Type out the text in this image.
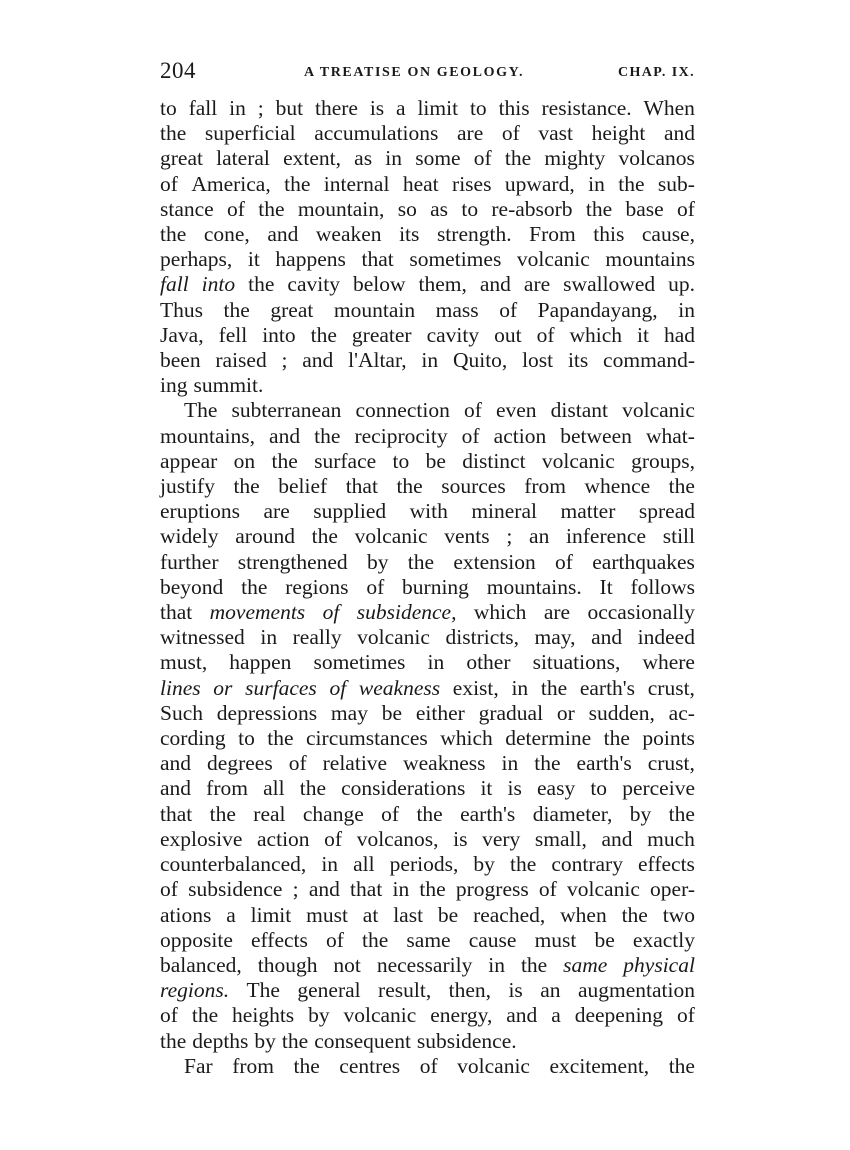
204	A TREATISE ON GEOLOGY.	CHAP. IX.
to fall in ; but there is a limit to this resistance. When
the superficial accumulations are of vast height and
great lateral extent, as in some of the mighty volcanos
of America, the internal heat rises upward, in the sub-
stance of the mountain, so as to re-absorb the base of
the cone, and weaken its strength. From this cause,
perhaps, it happens that sometimes volcanic mountains
fall into the cavity below them, and are swallowed up.
Thus the great mountain mass of Papandayang, in
Java, fell into the greater cavity out of which it had
been raised ; and l'Altar, in Quito, lost its command-
ing summit.
The subterranean connection of even distant volcanic
mountains, and the reciprocity of action between what-
appear on the surface to be distinct volcanic groups,
justify the belief that the sources from whence the
eruptions are supplied with mineral matter spread
widely around the volcanic vents ; an inference still
further strengthened by the extension of earthquakes
beyond the regions of burning mountains. It follows
that movements of subsidence, which are occasionally
witnessed in really volcanic districts, may, and indeed
must, happen sometimes in other situations, where
lines or surfaces of weakness exist, in the earth's crust,
Such depressions may be either gradual or sudden, ac-
cording to the circumstances which determine the points
and degrees of relative weakness in the earth's crust,
and from all the considerations it is easy to perceive
that the real change of the earth's diameter, by the
explosive action of volcanos, is very small, and much
counterbalanced, in all periods, by the contrary effects
of subsidence ; and that in the progress of volcanic oper-
ations a limit must at last be reached, when the two
opposite effects of the same cause must be exactly
balanced, though not necessarily in the same physical
regions. The general result, then, is an augmentation
of the heights by volcanic energy, and a deepening of
the depths by the consequent subsidence.
Far from the centres of volcanic excitement, the
